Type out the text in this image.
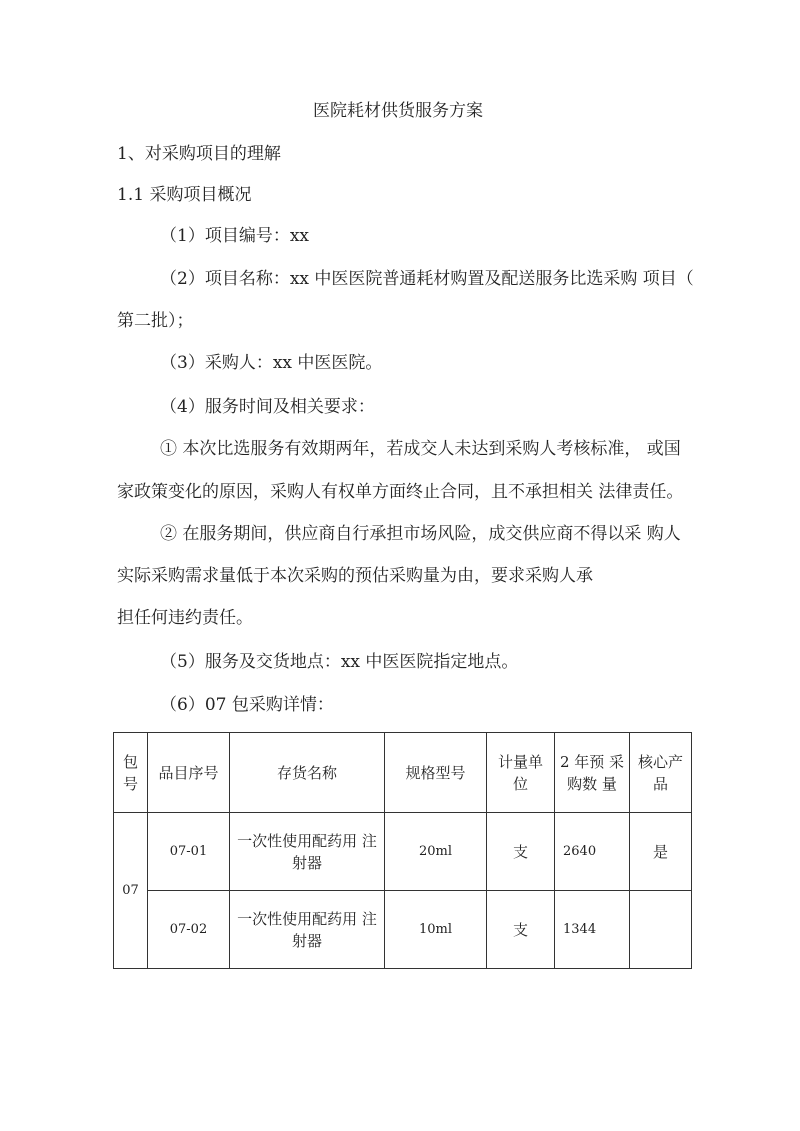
医院耗材供货服务方案
1、对采购项目的理解
1.1 采购项目概况
（1）项目编号：xx
（2）项目名称：xx 中医医院普通耗材购置及配送服务比选采购 项目（
第二批）；
（3）采购人：xx 中医医院。
（4）服务时间及相关要求：
① 本次比选服务有效期两年，若成交人未达到采购人考核标准， 或国
家政策变化的原因，采购人有权单方面终止合同，且不承担相关 法律责任。
② 在服务期间，供应商自行承担市场风险，成交供应商不得以采 购人
实际采购需求量低于本次采购的预估采购量为由，要求采购人承
担任何违约责任。
（5）服务及交货地点：xx 中医医院指定地点。
（6）07 包采购详情：
包号	品目序号	存货名称	规格型号	计量单位	2 年预 采购数 量	核心产品
07	07-01	一次性使用配药用 注射器	20ml	支	2640	是
	07-02	一次性使用配药用 注射器	10ml	支	1344	
